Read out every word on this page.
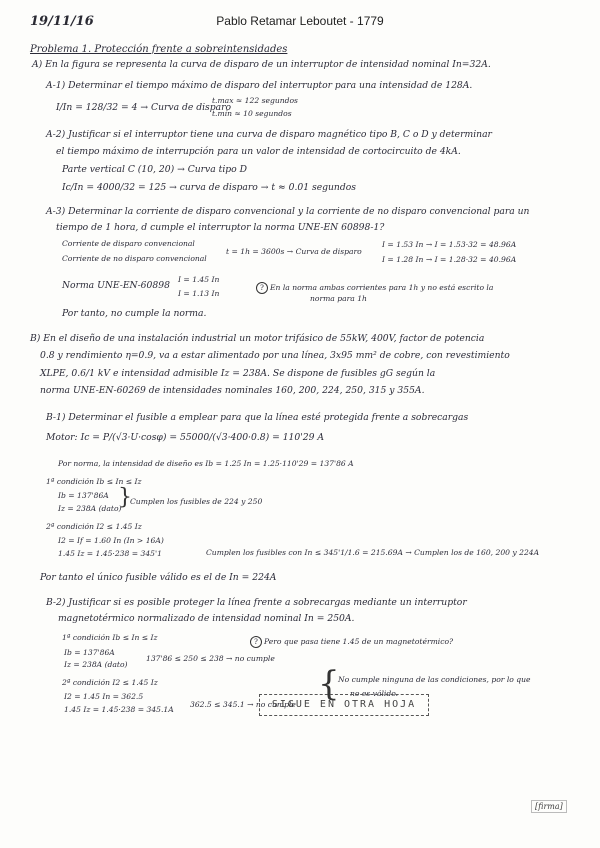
19/11/16	Pablo Retamar Leboutet - 1779
Problema 1. Protección frente a sobreintensidades
A) En la figura se representa la curva de disparo de un interruptor de intensidad nominal In=32A.
A-1) Determinar el tiempo máximo de disparo del interruptor para una intensidad de 128A.
I/In = 128/32 = 4 → Curva de disparo
t.max ≈ 122 segundos
t.mín ≈ 10 segundos
A-2) Justificar si el interruptor tiene una curva de disparo magnético tipo B, C o D y determinar
el tiempo máximo de interrupción para un valor de intensidad de cortocircuito de 4kA.
Parte vertical C (10, 20) → Curva tipo D
Ic/In = 4000/32 = 125 → curva de disparo → t ≈ 0.01 segundos
A-3) Determinar la corriente de disparo convencional y la corriente de no disparo convencional para un
tiempo de 1 hora, d cumple el interruptor la norma UNE-EN 60898-1?
Corriente de disparo convencional
Corriente de no disparo convencional
t = 1h = 3600s → Curva de disparo
I = 1.53 In → I = 1.53·32 = 48.96A
I = 1.28 In → I = 1.28·32 = 40.96A
Norma UNE-EN-60898
I = 1.45 In
I = 1.13 In
? En la norma ambas corrientes para 1h y no está escrito la
norma para 1h
Por tanto, no cumple la norma.
B) En el diseño de una instalación industrial un motor trifásico de 55kW, 400V, factor de potencia
0.8 y rendimiento η=0.9, va a estar alimentado por una línea, 3x95 mm² de cobre, con revestimiento
XLPE, 0.6/1 kV e intensidad admisible Iz = 238A. Se dispone de fusibles gG según la
norma UNE-EN-60269 de intensidades nominales 160, 200, 224, 250, 315 y 355A.
B-1) Determinar el fusible a emplear para que la línea esté protegida frente a sobrecargas
Motor: Ic = P/(√3·U·cosφ) = 55000/(√3·400·0.8) = 110'29 A
Por norma, la intensidad de diseño es Ib = 1.25 In = 1.25·110'29 = 137'86 A
1ª condición Ib ≤ In ≤ Iz
Ib = 137'86A
Iz = 238A (dato)
}
Cumplen los fusibles de 224 y 250
2ª condición I2 ≤ 1.45 Iz
I2 = If = 1.60 In (In > 16A)
1.45 Iz = 1.45·238 = 345'1	Cumplen los fusibles con In ≤ 345'1/1.6 = 215.69A → Cumplen los de 160, 200 y 224A
Por tanto el único fusible válido es el de In = 224A
B-2) Justificar si es posible proteger la línea frente a sobrecargas mediante un interruptor
magnetotérmico normalizado de intensidad nominal In = 250A.
1ª condición Ib ≤ In ≤ Iz
Ib = 137'86A
Iz = 238A (dato)
137'86 ≤ 250 ≤ 238 → no cumple
? Pero que pasa tiene 1.45 de un magnetotérmico?
2ª condición I2 ≤ 1.45 Iz
I2 = 1.45 In = 362.5
1.45 Iz = 1.45·238 = 345.1A
362.5 ≤ 345.1 → no cumple
{
No cumple ninguna de las condiciones, por lo que
no es válido.
SIGUE EN OTRA HOJA
[firma]
